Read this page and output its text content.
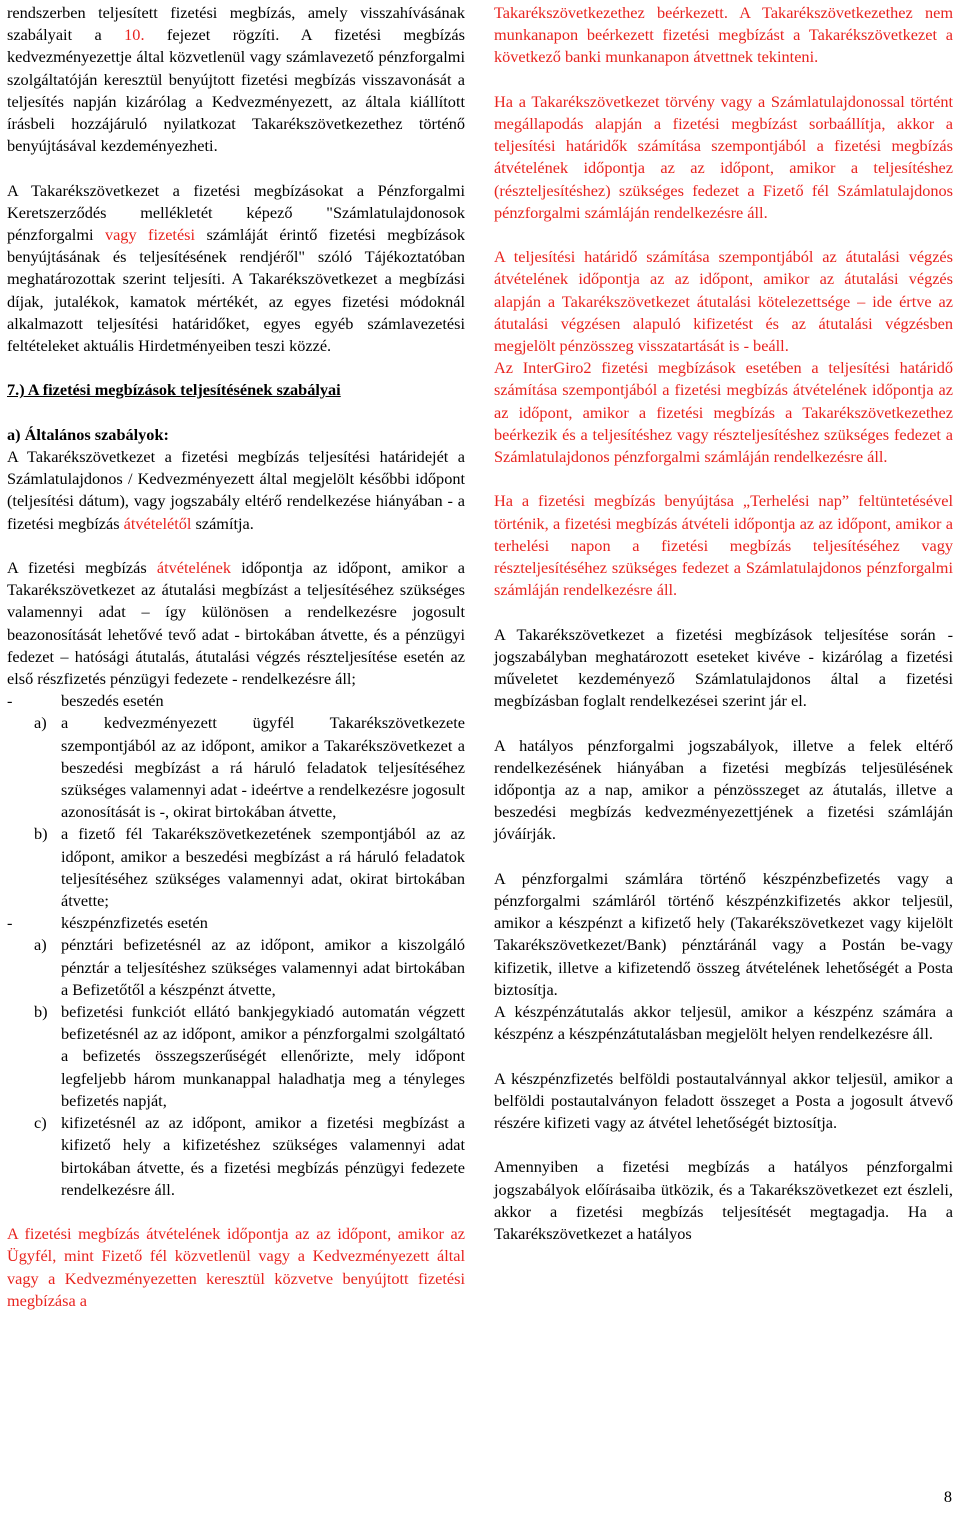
rendszerben teljesített fizetési megbízás, amely visszahívásának szabályait a 10. fejezet rögzíti. A fizetési megbízás kedvezményezettje által közvetlenül vagy számlavezető pénzforgalmi szolgáltatóján keresztül benyújtott fizetési megbízás visszavonását a teljesítés napján kizárólag a Kedvezményezett, az általa kiállított írásbeli hozzájáruló nyilatkozat Takarékszövetkezethez történő benyújtásával kezdeményezheti.

A Takarékszövetkezet a fizetési megbízásokat a Pénzforgalmi Keretszerződés mellékletét képező "Számlatulajdonosok pénzforgalmi vagy fizetési számláját érintő fizetési megbízások benyújtásának és teljesítésének rendjéről" szóló Tájékoztatóban meghatározottak szerint teljesíti. A Takarékszövetkezet a megbízási díjak, jutalékok, kamatok mértékét, az egyes fizetési módoknál alkalmazott teljesítési határidőket, egyes egyéb számlavezetési feltételeket aktuális Hirdetményeiben teszi közzé.

7.) A fizetési megbízások teljesítésének szabályai

a) Általános szabályok:

A Takarékszövetkezet a fizetési megbízás teljesítési határidejét a Számlatulajdonos / Kedvezményezett által megjelölt későbbi időpont (teljesítési dátum), vagy jogszabály eltérő rendelkezése hiányában - a fizetési megbízás átvételétől számítja.

A fizetési megbízás átvételének időpontja az időpont, amikor a Takarékszövetkezet az átutalási megbízást a teljesítéséhez szükséges valamennyi adat – így különösen a rendelkezésre jogosult beazonosítását lehetővé tevő adat - birtokában átvette, és a pénzügyi fedezet – hatósági átutalás, átutalási végzés részteljesítése esetén az első részfizetés pénzügyi fedezete - rendelkezésre áll;

-	beszedés esetén
a) a kedvezményezett ügyfél Takarékszövetkezete szempontjából az az időpont, amikor a Takarékszövetkezet a beszedési megbízást a rá háruló feladatok teljesítéséhez szükséges valamennyi adat - ideértve a rendelkezésre jogosult azonosítását is -, okirat birtokában átvette,
b) a fizető fél Takarékszövetkezetének szempontjából az az időpont, amikor a beszedési megbízást a rá háruló feladatok teljesítéséhez szükséges valamennyi adat, okirat birtokában átvette;
-	készpénzfizetés esetén
a) pénztári befizetésnél az az időpont, amikor a kiszolgáló pénztár a teljesítéshez szükséges valamennyi adat birtokában a Befizetőtől a készpénzt átvette,
b) befizetési funkciót ellátó bankjegykiadó automatán végzett befizetésnél az az időpont, amikor a pénzforgalmi szolgáltató a befizetés összegszerűségét ellenőrizte, mely időpont legfeljebb három munkanappal haladhatja meg a tényleges befizetés napját,
c) kifizetésnél az az időpont, amikor a fizetési megbízást a kifizető hely a kifizetéshez szükséges valamennyi adat birtokában átvette, és a fizetési megbízás pénzügyi fedezete rendelkezésre áll.

A fizetési megbízás átvételének időpontja az az időpont, amikor az Ügyfél, mint Fizető fél közvetlenül vagy a Kedvezményezett által vagy a Kedvezményezetten keresztül közvetve benyújtott fizetési megbízása a

Takarékszövetkezethez beérkezett. A Takarékszövetkezethez nem munkanapon beérkezett fizetési megbízást a Takarékszövetkezet a következő banki munkanapon átvettnek tekinteni.

Ha a Takarékszövetkezet törvény vagy a Számlatulajdonossal történt megállapodás alapján a fizetési megbízást sorbaállítja, akkor a teljesítési határidők számítása szempontjából a fizetési megbízás átvételének időpontja az az időpont, amikor a teljesítéshez (részteljesítéshez) szükséges fedezet a Fizető fél Számlatulajdonos pénzforgalmi számláján rendelkezésre áll.

A teljesítési határidő számítása szempontjából az átutalási végzés átvételének időpontja az az időpont, amikor az átutalási végzés alapján a Takarékszövetkezet átutalási kötelezettsége – ide értve az átutalási végzésen alapuló kifizetést és az átutalási végzésben megjelölt pénzösszeg visszatartását is - beáll.

Az InterGiro2 fizetési megbízások esetében a teljesítési határidő számítása szempontjából a fizetési megbízás átvételének időpontja az az időpont, amikor a fizetési megbízás a Takarékszövetkezethez beérkezik és a teljesítéshez vagy részteljesítéshez szükséges fedezet a Számlatulajdonos pénzforgalmi számláján rendelkezésre áll.

Ha a fizetési megbízás benyújtása „Terhelési nap” feltüntetésével történik, a fizetési megbízás átvételi időpontja az az időpont, amikor a terhelési napon a fizetési megbízás teljesítéséhez vagy részteljesítéséhez szükséges fedezet a Számlatulajdonos pénzforgalmi számláján rendelkezésre áll.

A Takarékszövetkezet a fizetési megbízások teljesítése során - jogszabályban meghatározott eseteket kivéve - kizárólag a fizetési műveletet kezdeményező Számlatulajdonos által a fizetési megbízásban foglalt rendelkezései szerint jár el.

A hatályos pénzforgalmi jogszabályok, illetve a felek eltérő rendelkezésének hiányában a fizetési megbízás teljesülésének időpontja az a nap, amikor a pénzösszeget az átutalás, illetve a beszedési megbízás kedvezményezettjének a fizetési számláján jóváírják.

A pénzforgalmi számlára történő készpénzbefizetés vagy a pénzforgalmi számláról történő készpénzkifizetés akkor teljesül, amikor a készpénzt a kifizető hely (Takarékszövetkezet vagy kijelölt Takarékszövetkezet/Bank) pénztáránál vagy a Postán be-vagy kifizetik, illetve a kifizetendő összeg átvételének lehetőségét a Posta biztosítja.

A készpénzátutalás akkor teljesül, amikor a készpénz számára a készpénz a készpénzátutalásban megjelölt helyen rendelkezésre áll.

A készpénzfizetés belföldi postautalvánnyal akkor teljesül, amikor a belföldi postautalványon feladott összeget a Posta a jogosult átvevő részére kifizeti vagy az átvétel lehetőségét biztosítja.

Amennyiben a fizetési megbízás a hatályos pénzforgalmi jogszabályok előírásaiba ütközik, és a Takarékszövetkezet ezt észleli, akkor a fizetési megbízás teljesítését megtagadja. Ha a Takarékszövetkezet a hatályos

8
